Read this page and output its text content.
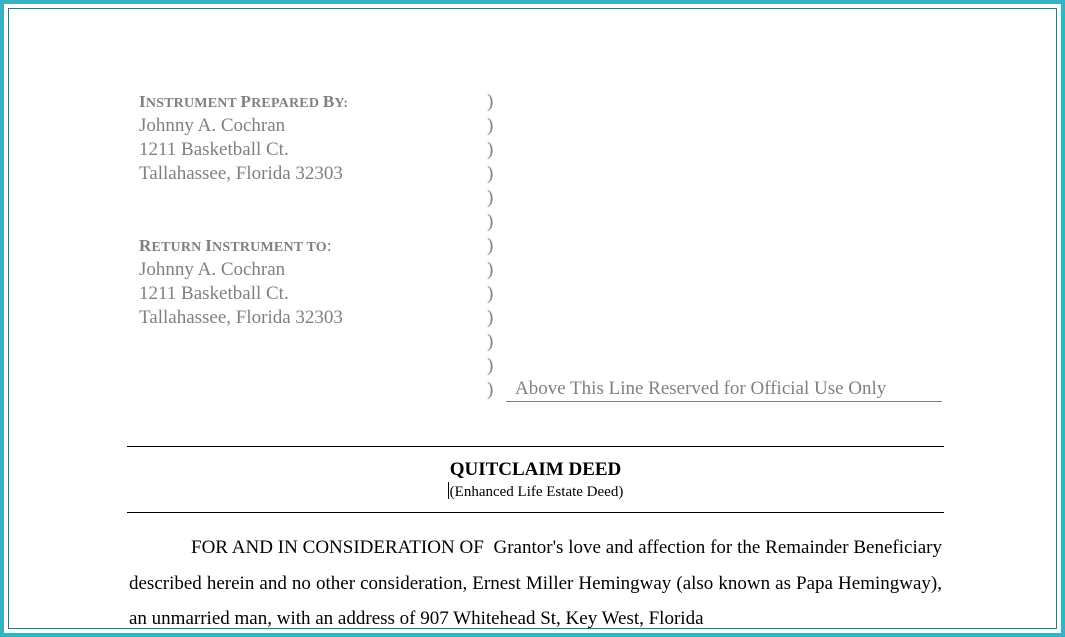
INSTRUMENT PREPARED BY:
Johnny A. Cochran
1211 Basketball Ct.
Tallahassee, Florida 32303
RETURN INSTRUMENT TO:
Johnny A. Cochran
1211 Basketball Ct.
Tallahassee, Florida 32303
)
)
)
)
)
)
)
)
)
)
)
)
)	Above This Line Reserved for Official Use Only
QUITCLAIM DEED
(Enhanced Life Estate Deed)
FOR AND IN CONSIDERATION OF  Grantor's love and affection for the Remainder Beneficiary described herein and no other consideration, Ernest Miller Hemingway (also known as Papa Hemingway), an unmarried man, with an address of 907 Whitehead St, Key West, Florida
